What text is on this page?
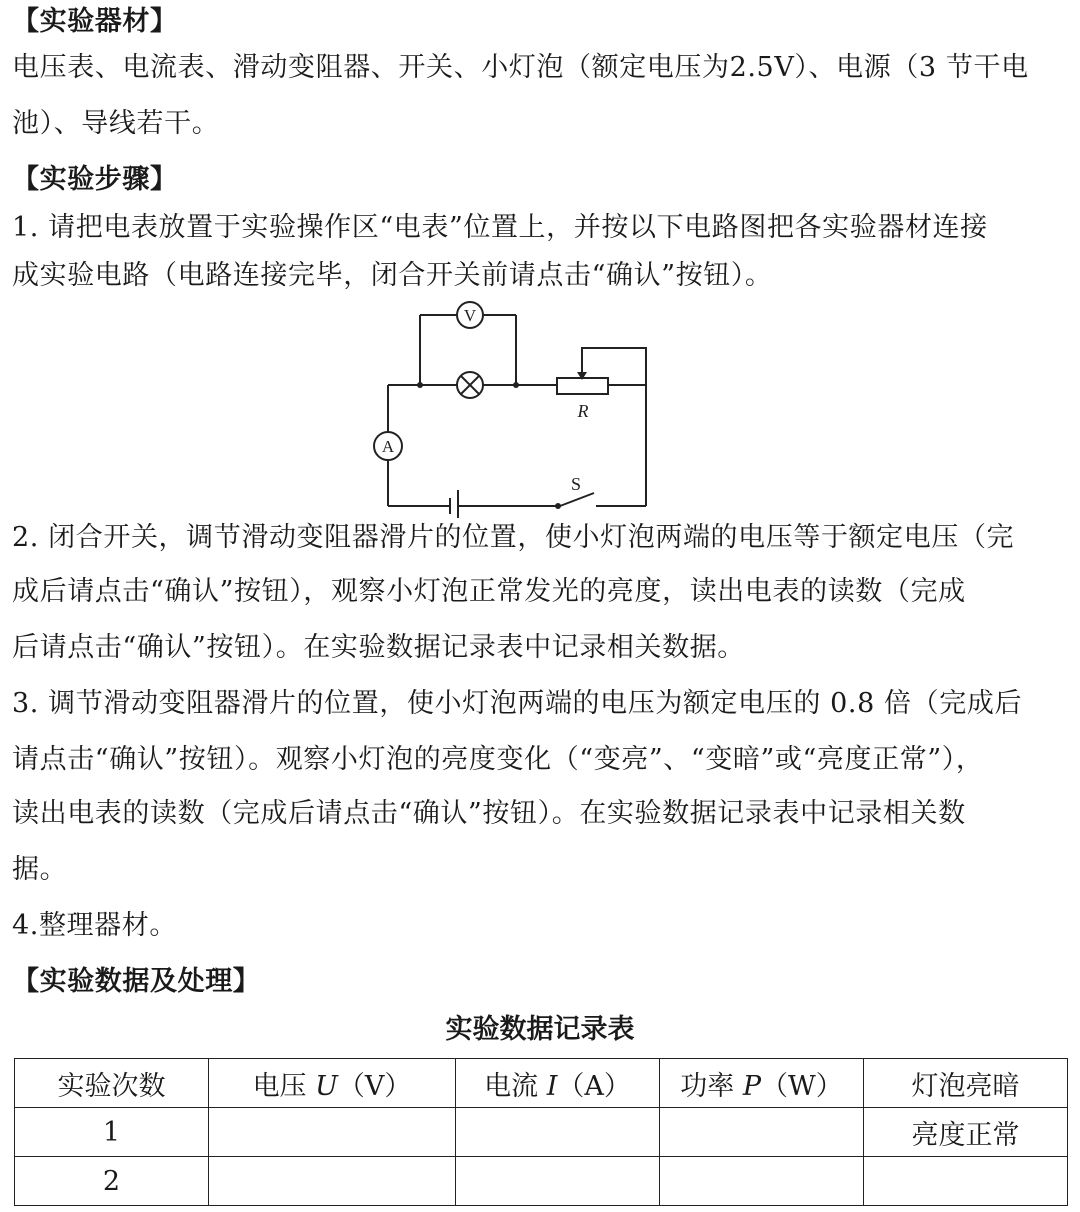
【实验器材】
电压表、电流表、滑动变阻器、开关、小灯泡（额定电压为2.5V）、电源（3 节干电
池）、导线若干。
【实验步骤】
1. 请把电表放置于实验操作区“电表”位置上，并按以下电路图把各实验器材连接
成实验电路（电路连接完毕，闭合开关前请点击“确认”按钮）。
V
A
R
S
2. 闭合开关，调节滑动变阻器滑片的位置，使小灯泡两端的电压等于额定电压（完
成后请点击“确认”按钮），观察小灯泡正常发光的亮度，读出电表的读数（完成
后请点击“确认”按钮）。在实验数据记录表中记录相关数据。
3. 调节滑动变阻器滑片的位置，使小灯泡两端的电压为额定电压的 0.8 倍（完成后
请点击“确认”按钮）。观察小灯泡的亮度变化（“变亮”、“变暗”或“亮度正常”），
读出电表的读数（完成后请点击“确认”按钮）。在实验数据记录表中记录相关数
据。
4.整理器材。
【实验数据及处理】
实验数据记录表
实验次数	电压 U（V）	电流 I（A）	功率 P（W）	灯泡亮暗
1				亮度正常
2				
